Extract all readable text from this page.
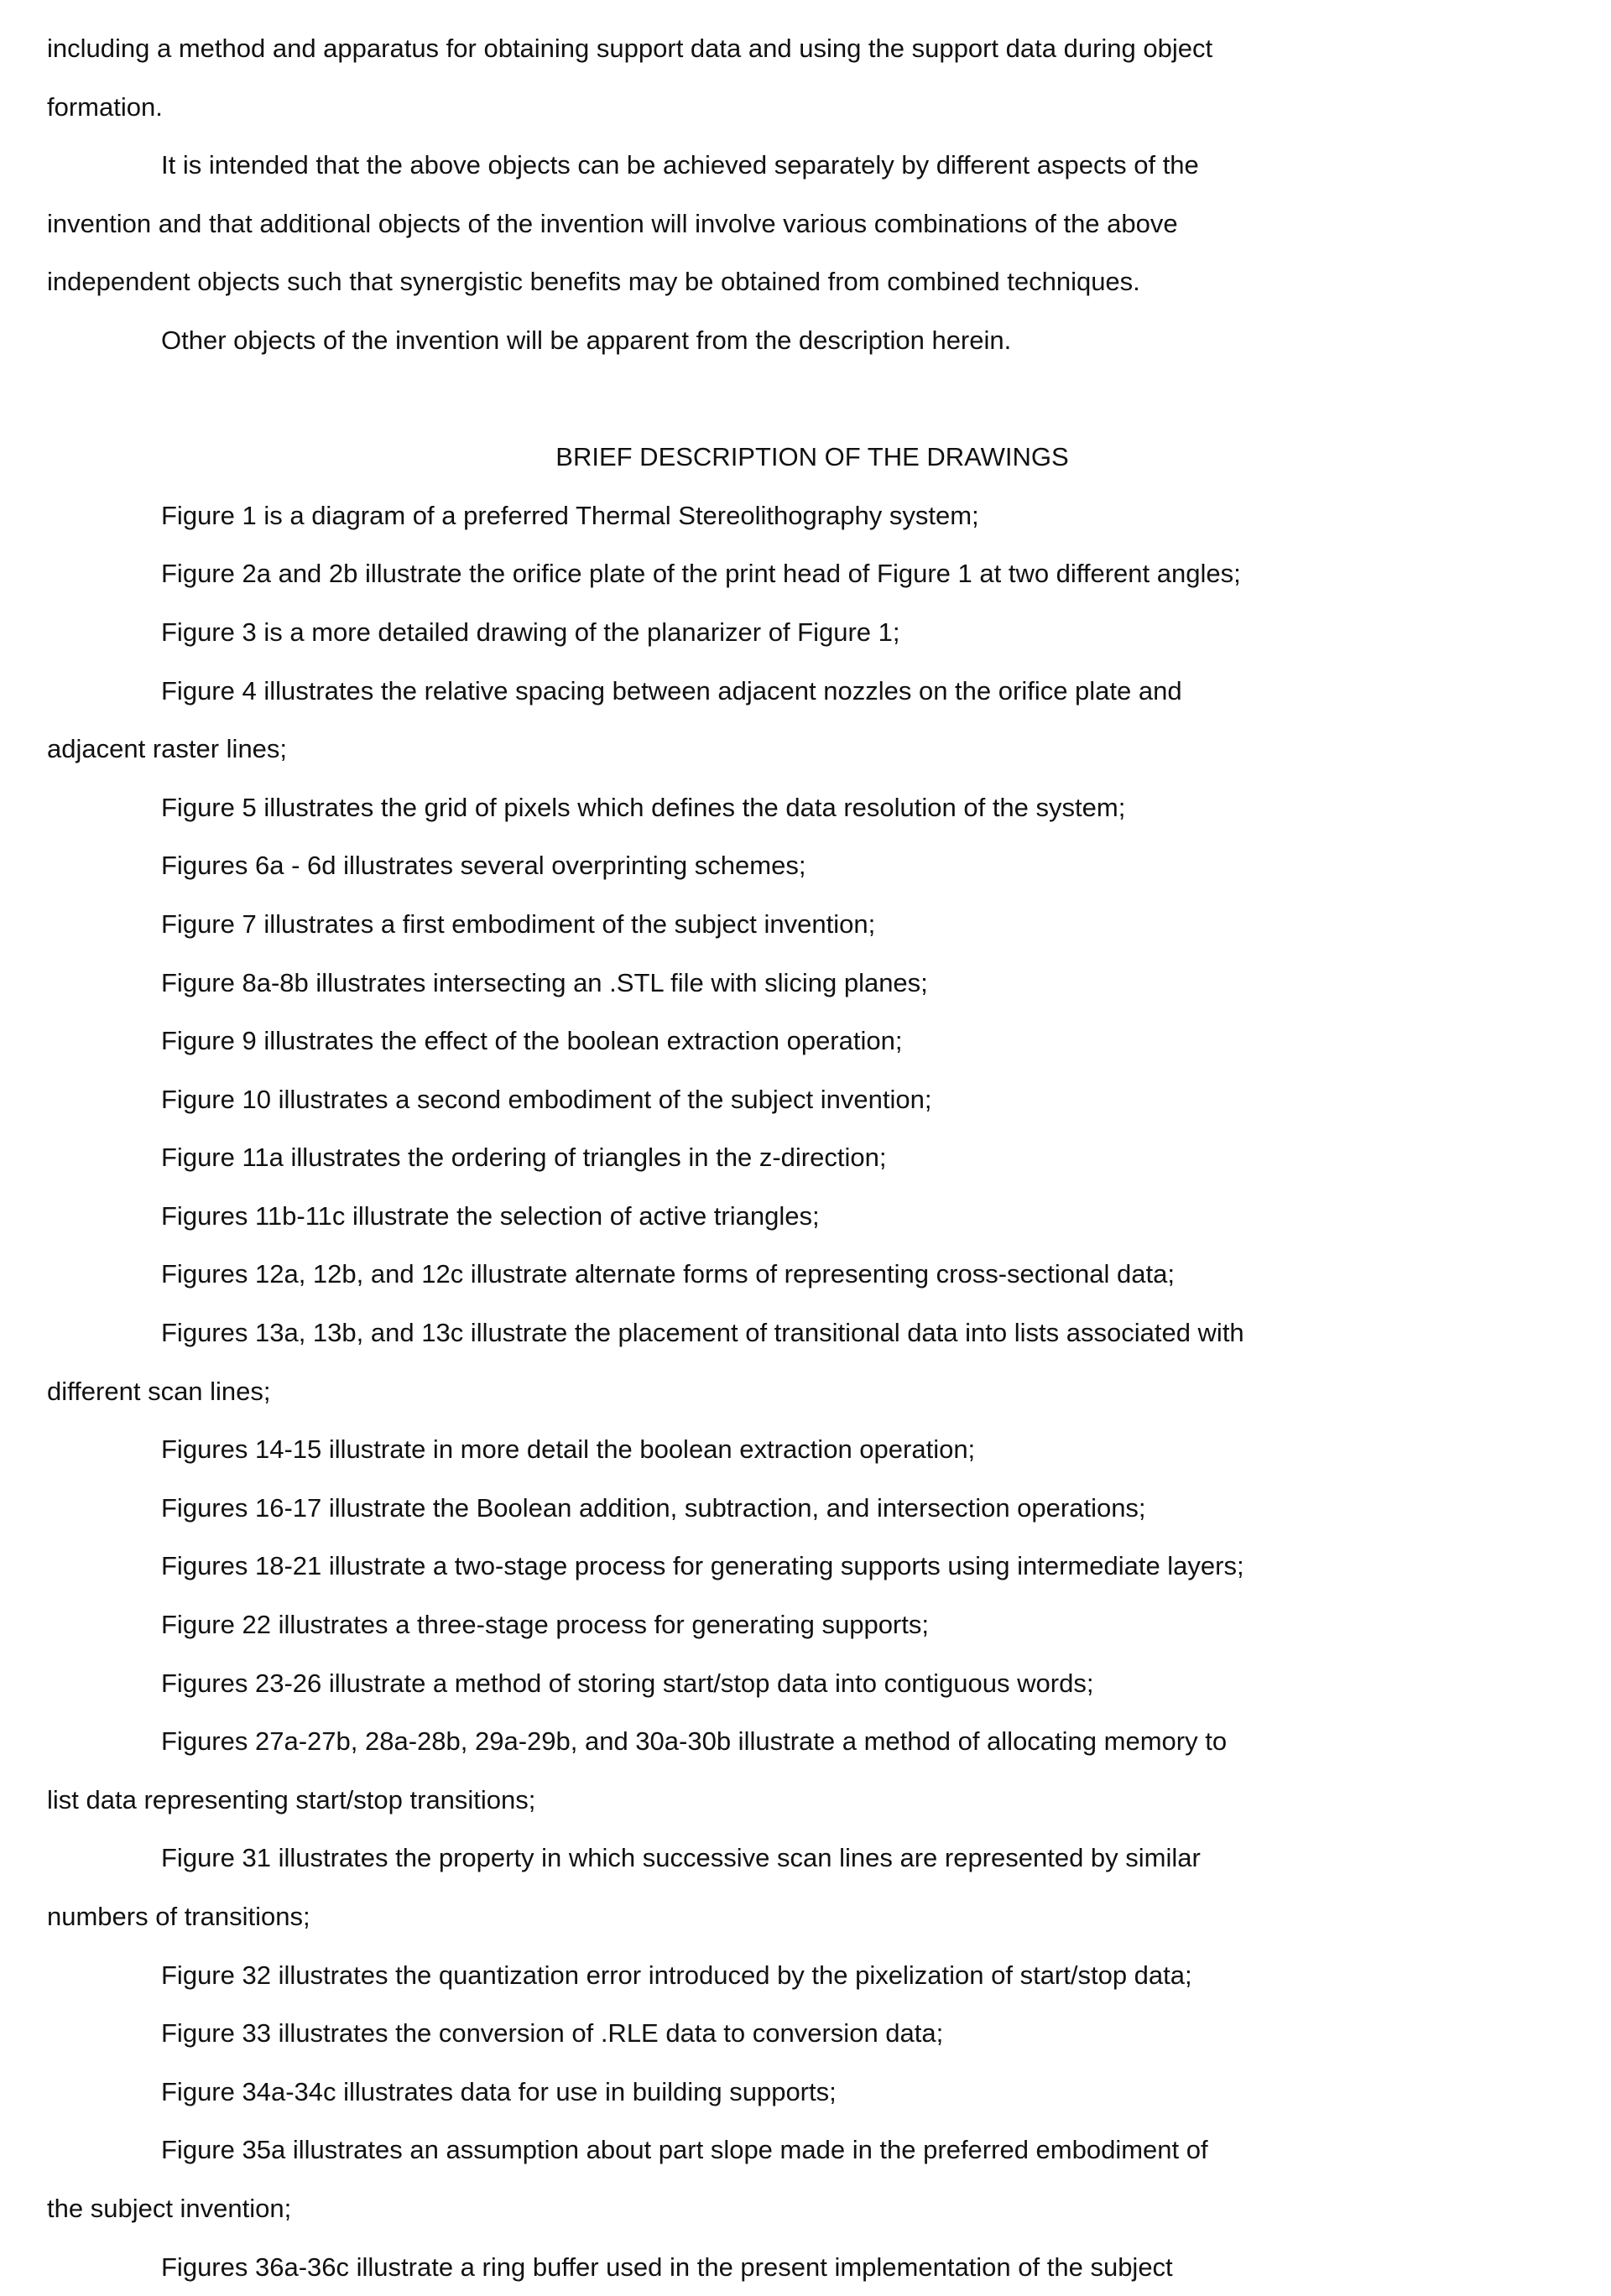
including a method and apparatus for obtaining support data and using the support data during object
formation.
It is intended that the above objects can be achieved separately by different aspects of the
invention and that additional objects of the invention will involve various combinations of the above
independent objects such that synergistic benefits may be obtained from combined techniques.
Other objects of the invention will be apparent from the description herein.
BRIEF DESCRIPTION OF THE DRAWINGS
Figure 1 is a diagram of a preferred Thermal Stereolithography system;
Figure 2a and 2b illustrate the orifice plate of the print head of Figure 1 at two different angles;
Figure 3 is a more detailed drawing of the planarizer of Figure 1;
Figure 4 illustrates the relative spacing between adjacent nozzles on the orifice plate and
adjacent raster lines;
Figure 5 illustrates the grid of pixels which defines the data resolution of the system;
Figures 6a - 6d illustrates several overprinting schemes;
Figure 7 illustrates a first embodiment of the subject invention;
Figure 8a-8b illustrates intersecting an .STL file with slicing planes;
Figure 9 illustrates the effect of the boolean extraction operation;
Figure 10 illustrates a second embodiment of the subject invention;
Figure 11a illustrates the ordering of triangles in the z-direction;
Figures 11b-11c illustrate the selection of active triangles;
Figures 12a, 12b, and 12c illustrate alternate forms of representing cross-sectional data;
Figures 13a, 13b, and 13c illustrate the placement of transitional data into lists associated with
different scan lines;
Figures 14-15 illustrate in more detail the boolean extraction operation;
Figures 16-17 illustrate the Boolean addition, subtraction, and intersection operations;
Figures 18-21 illustrate a two-stage process for generating supports using intermediate layers;
Figure 22 illustrates a three-stage process for generating supports;
Figures 23-26 illustrate a method of storing start/stop data into contiguous words;
Figures 27a-27b, 28a-28b, 29a-29b, and 30a-30b illustrate a method of allocating memory to
list data representing start/stop transitions;
Figure 31 illustrates the property in which successive scan lines are represented by similar
numbers of transitions;
Figure 32 illustrates the quantization error introduced by the pixelization of start/stop data;
Figure 33 illustrates the conversion of .RLE data to conversion data;
Figure 34a-34c illustrates data for use in building supports;
Figure 35a illustrates an assumption about part slope made in the preferred embodiment of
the subject invention;
Figures 36a-36c illustrate a ring buffer used in the present implementation of the subject
